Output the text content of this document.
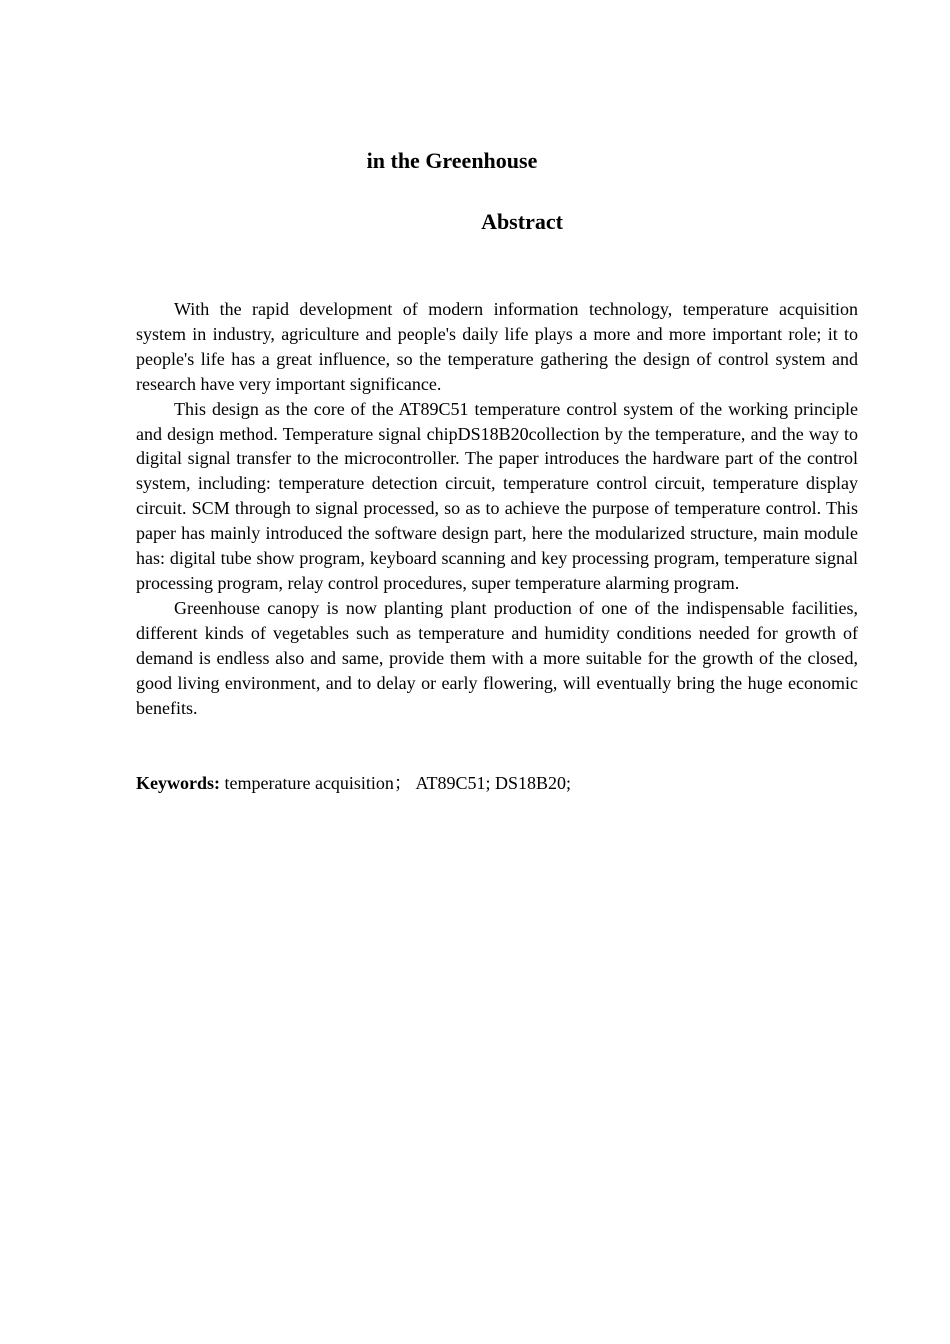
in the Greenhouse
Abstract

With the rapid development of modern information technology, temperature acquisition system in industry, agriculture and people's daily life plays a more and more important role; it to people's life has a great influence, so the temperature gathering the design of control system and research have very important significance.

This design as the core of the AT89C51 temperature control system of the working principle and design method. Temperature signal chipDS18B20collection by the temperature, and the way to digital signal transfer to the microcontroller. The paper introduces the hardware part of the control system, including: temperature detection circuit, temperature control circuit, temperature display circuit. SCM through to signal processed, so as to achieve the purpose of temperature control. This paper has mainly introduced the software design part, here the modularized structure, main module has: digital tube show program, keyboard scanning and key processing program, temperature signal processing program, relay control procedures, super temperature alarming program.

Greenhouse canopy is now planting plant production of one of the indispensable facilities, different kinds of vegetables such as temperature and humidity conditions needed for growth of demand is endless also and same, provide them with a more suitable for the growth of the closed, good living environment, and to delay or early flowering, will eventually bring the huge economic benefits.

Keywords: temperature acquisition； AT89C51; DS18B20;
